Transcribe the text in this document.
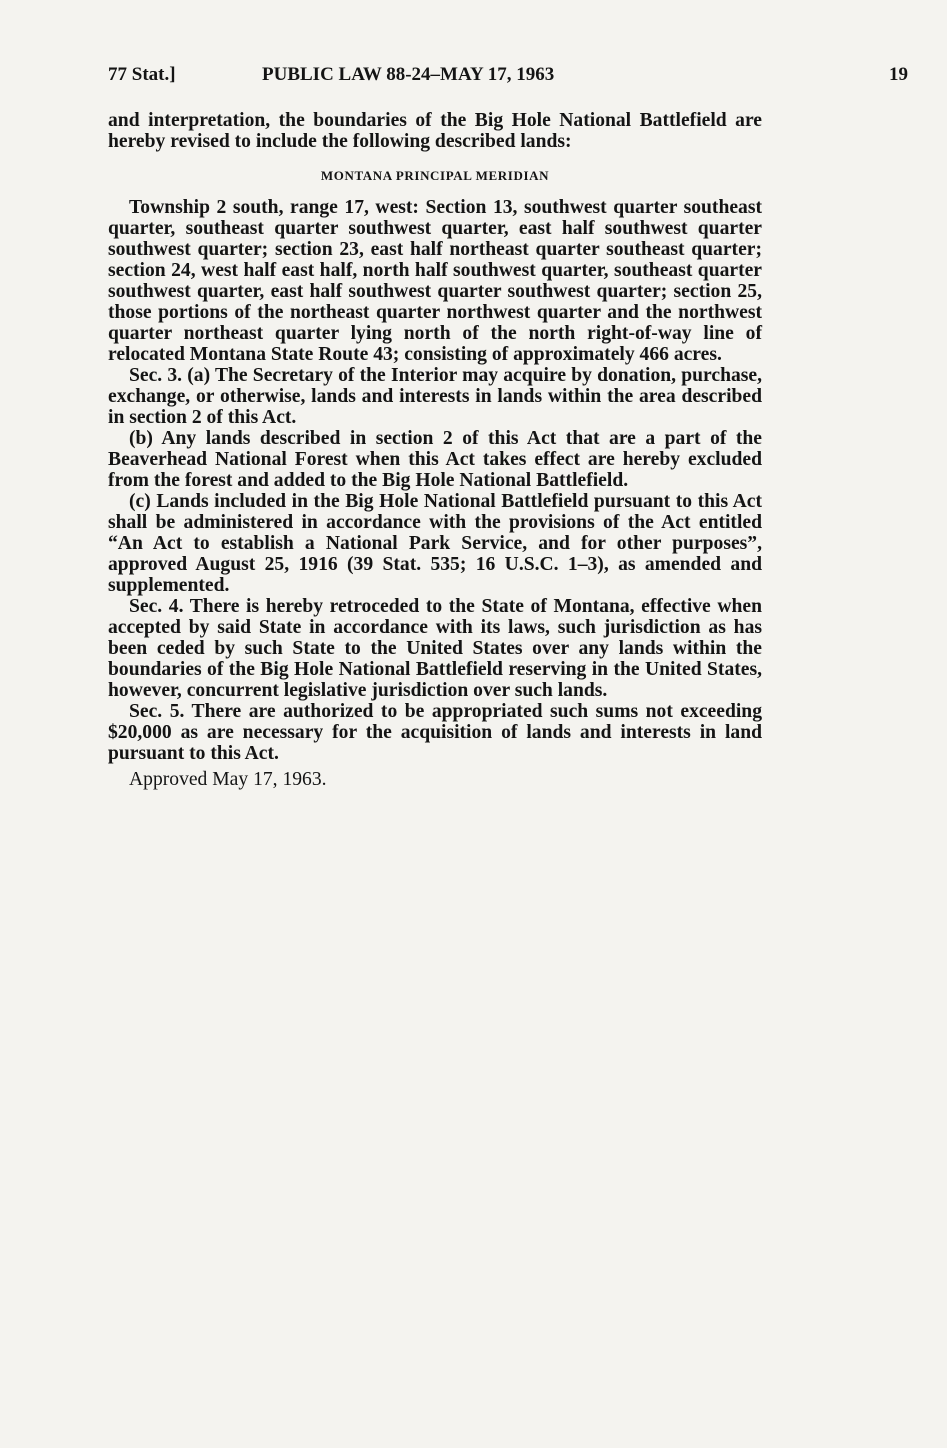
77 Stat.]	PUBLIC LAW 88-24–MAY 17, 1963	19

and interpretation, the boundaries of the Big Hole National Battlefield are hereby revised to include the following described lands:

MONTANA PRINCIPAL MERIDIAN

Township 2 south, range 17, west: Section 13, southwest quarter southeast quarter, southeast quarter southwest quarter, east half southwest quarter southwest quarter; section 23, east half northeast quarter southeast quarter; section 24, west half east half, north half southwest quarter, southeast quarter southwest quarter, east half southwest quarter southwest quarter; section 25, those portions of the northeast quarter northwest quarter and the northwest quarter northeast quarter lying north of the north right-of-way line of relocated Montana State Route 43; consisting of approximately 466 acres.

Sec. 3. (a) The Secretary of the Interior may acquire by donation, purchase, exchange, or otherwise, lands and interests in lands within the area described in section 2 of this Act.

(b) Any lands described in section 2 of this Act that are a part of the Beaverhead National Forest when this Act takes effect are hereby excluded from the forest and added to the Big Hole National Battlefield.

(c) Lands included in the Big Hole National Battlefield pursuant to this Act shall be administered in accordance with the provisions of the Act entitled “An Act to establish a National Park Service, and for other purposes”, approved August 25, 1916 (39 Stat. 535; 16 U.S.C. 1–3), as amended and supplemented.

Sec. 4. There is hereby retroceded to the State of Montana, effective when accepted by said State in accordance with its laws, such jurisdiction as has been ceded by such State to the United States over any lands within the boundaries of the Big Hole National Battlefield reserving in the United States, however, concurrent legislative jurisdiction over such lands.

Sec. 5. There are authorized to be appropriated such sums not exceeding $20,000 as are necessary for the acquisition of lands and interests in land pursuant to this Act.

Approved May 17, 1963.
